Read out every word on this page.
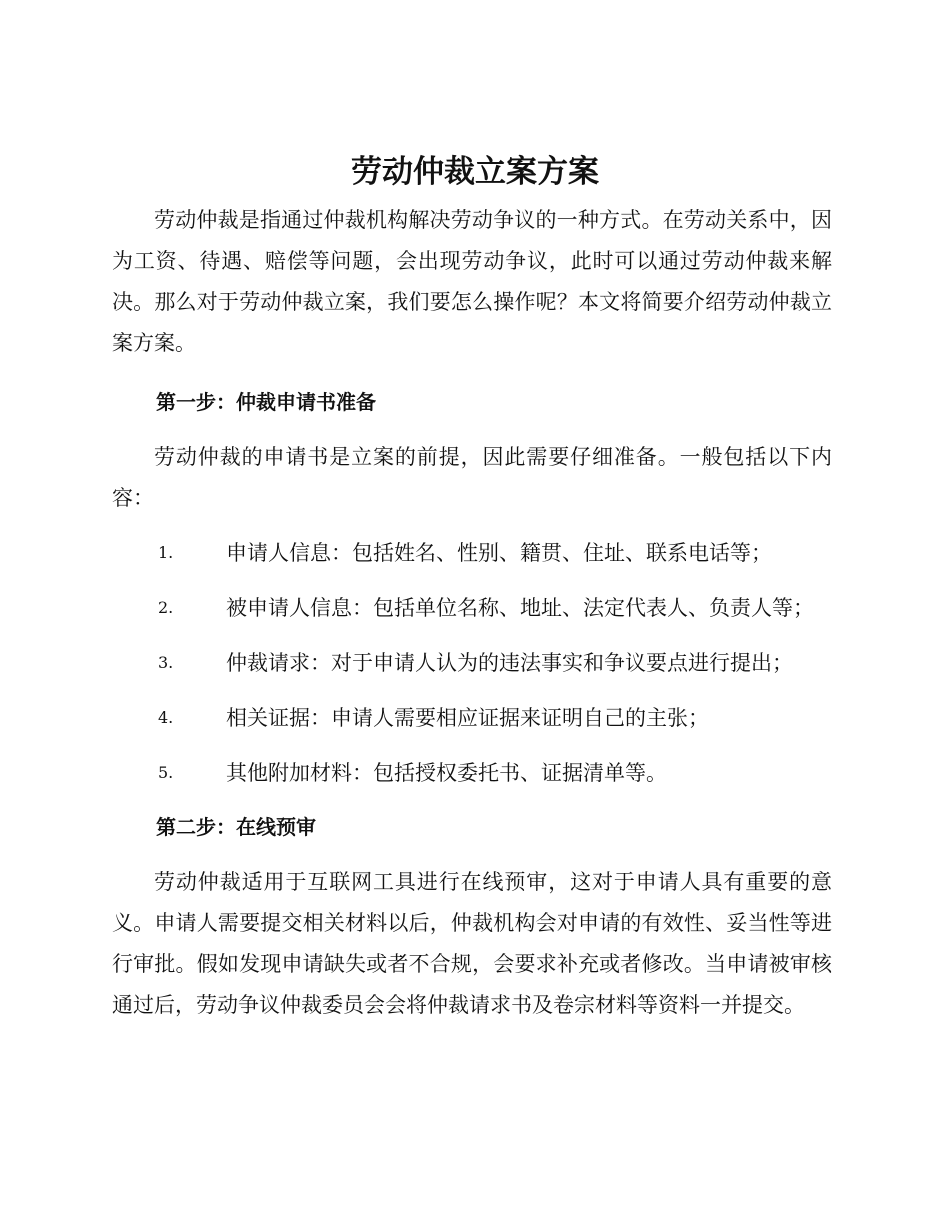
劳动仲裁立案方案

劳动仲裁是指通过仲裁机构解决劳动争议的一种方式。在劳动关系中，因为工资、待遇、赔偿等问题，会出现劳动争议，此时可以通过劳动仲裁来解决。那么对于劳动仲裁立案，我们要怎么操作呢？本文将简要介绍劳动仲裁立案方案。

第一步：仲裁申请书准备

劳动仲裁的申请书是立案的前提，因此需要仔细准备。一般包括以下内容：

1.	申请人信息：包括姓名、性别、籍贯、住址、联系电话等；
2.	被申请人信息：包括单位名称、地址、法定代表人、负责人等；
3.	仲裁请求：对于申请人认为的违法事实和争议要点进行提出；
4.	相关证据：申请人需要相应证据来证明自己的主张；
5.	其他附加材料：包括授权委托书、证据清单等。
第二步：在线预审

劳动仲裁适用于互联网工具进行在线预审，这对于申请人具有重要的意义。申请人需要提交相关材料以后，仲裁机构会对申请的有效性、妥当性等进行审批。假如发现申请缺失或者不合规，会要求补充或者修改。当申请被审核通过后，劳动争议仲裁委员会会将仲裁请求书及卷宗材料等资料一并提交。
